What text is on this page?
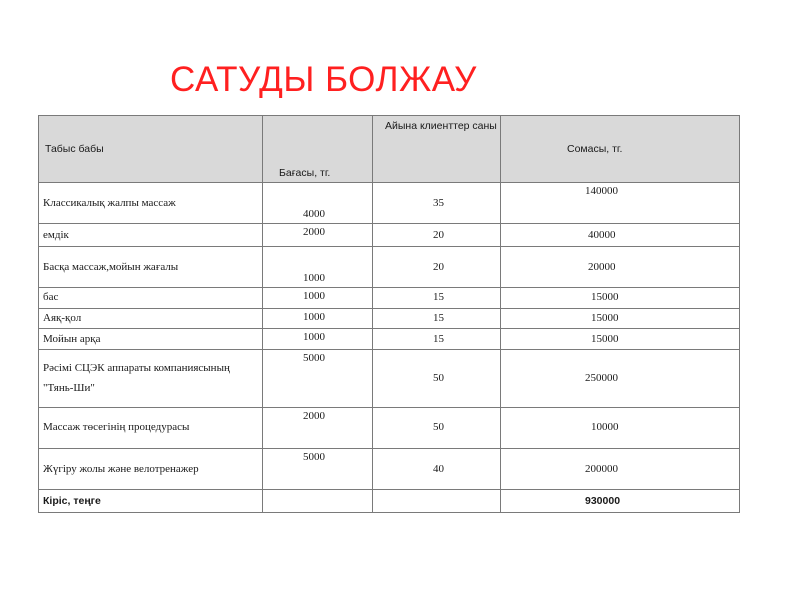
САТУДЫ БОЛЖАУ
Табыс бабы	Бағасы, тг.	Айына клиенттер саны	Сомасы, тг.
Классикалық жалпы массаж	4000	35	140000
емдік	2000	20	40000
Басқа массаж,мойын жағалы	1000	20	20000
бас	1000	15	15000
Аяқ-қол	1000	15	15000
Мойын арқа	1000	15	15000
Рәсімі СЦЭК аппараты компаниясының "Тянь-Ши"	5000	50	250000
Массаж төсегінің процедурасы	2000	50	10000
Жүгіру жолы және велотренажер	5000	40	200000
Кіріс, теңге			930000
